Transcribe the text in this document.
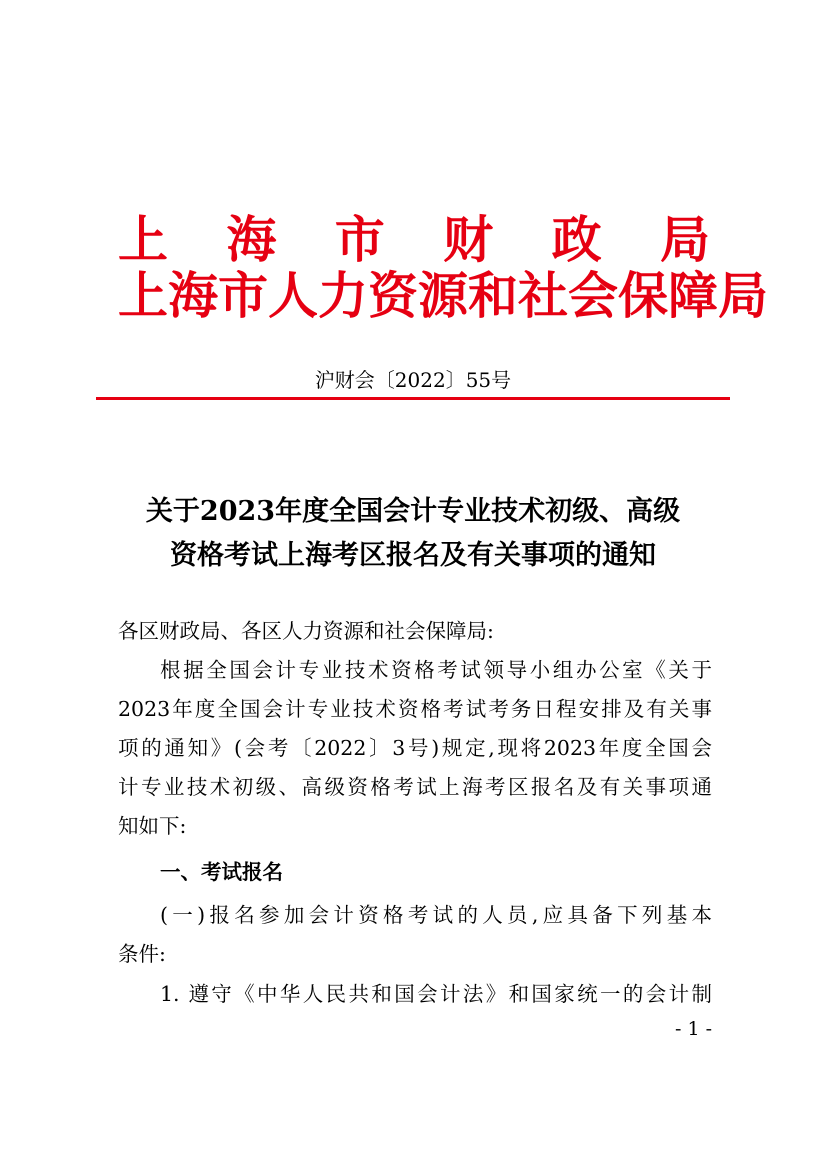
上 海 市 财 政 局
上海市人力资源和社会保障局
沪财会〔2022〕55号
关于2023年度全国会计专业技术初级、高级
资格考试上海考区报名及有关事项的通知
各区财政局、各区人力资源和社会保障局:
根据全国会计专业技术资格考试领导小组办公室《关于
2023年度全国会计专业技术资格考试考务日程安排及有关事
项的通知》(会考〔2022〕3号)规定,现将2023年度全国会
计专业技术初级、高级资格考试上海考区报名及有关事项通
知如下:
一、考试报名
(一)报名参加会计资格考试的人员,应具备下列基本
条件:
1. 遵守《中华人民共和国会计法》和国家统一的会计制
- 1 -
